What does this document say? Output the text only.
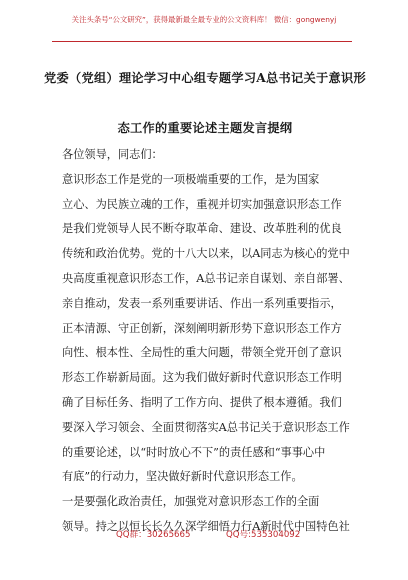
关注头条号“公文研究”，获得最新最全最专业的公文资料库！ 微信：gongwenyj
党委（党组）理论学习中心组专题学习A总书记关于意识形
态工作的重要论述主题发言提纲
各位领导，同志们：
意识形态工作是党的一项极端重要的工作，是为国家
立心、为民族立魂的工作，重视并切实加强意识形态工作
是我们党领导人民不断夺取革命、建设、改革胜利的优良
传统和政治优势。党的十八大以来，以A同志为核心的党中
央高度重视意识形态工作，A总书记亲自谋划、亲自部署、
亲自推动，发表一系列重要讲话、作出一系列重要指示，
正本清源、守正创新，深刻阐明新形势下意识形态工作方
向性、根本性、全局性的重大问题，带领全党开创了意识
形态工作崭新局面。这为我们做好新时代意识形态工作明
确了目标任务、指明了工作方向、提供了根本遵循。我们
要深入学习领会、全面贯彻落实A总书记关于意识形态工作
的重要论述，以“时时放心不下”的责任感和“事事心中
有底”的行动力，坚决做好新时代意识形态工作。
一是要强化政治责任，加强党对意识形态工作的全面
领导。持之以恒长长久久深学细悟力行A新时代中国特色社
QQ群：30265665	QQ号:535304092
